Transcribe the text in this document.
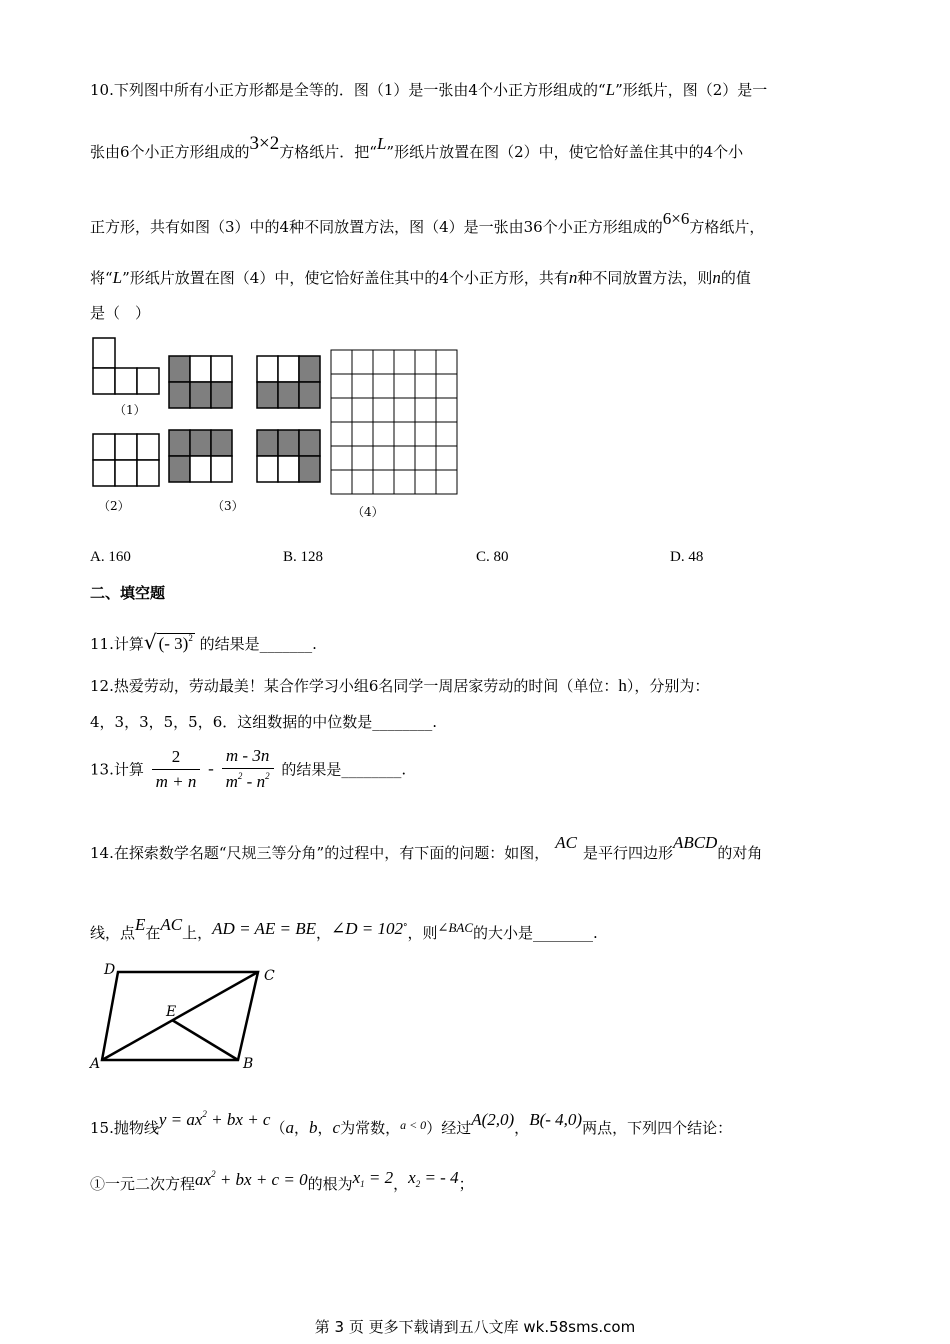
10.下列图中所有小正方形都是全等的．图（1）是一张由4个小正方形组成的“L”形纸片，图（2）是一
张由6个小正方形组成的3×2方格纸片．把“L”形纸片放置在图（2）中，使它恰好盖住其中的4个小
正方形，共有如图（3）中的4种不同放置方法，图（4）是一张由36个小正方形组成的6×6方格纸片，
将“L”形纸片放置在图（4）中，使它恰好盖住其中的4个小正方形，共有n种不同放置方法，则n的值
是（　）
（1）
（2）	（3）	（4）
A. 160	B. 128	C. 80	D. 48
二、填空题
11.计算√ (- 3)$^2$ 的结果是_______.
12.热爱劳动，劳动最美！某合作学习小组6名同学一周居家劳动的时间（单位：h），分别为：
4，3，3，5，5，6．这组数据的中位数是________.
13.计算 $\frac{2}{m + n} - \frac{m - 3n}{m^2 - n^2}$ 的结果是________.
14.在探索数学名题“尺规三等分角”的过程中，有下面的问题：如图，AC是平行四边形ABCD的对角
线，点E在AC上，AD = AE = BE，∠D = 102°，则∠BAC的大小是________.
D	C
E
A	B
15.抛物线$y = ax^2$ + bx + c（a，b，c为常数，$^{a < 0}$）经过A(2,0)，B(- 4,0)两点，下列四个结论：
①一元二次方程$ax^2$ + bx + c = 0的根为$x_1 = 2$，$x_2$ = - 4；
第 3 页 更多下载请到五八文库 wk.58sms.com
